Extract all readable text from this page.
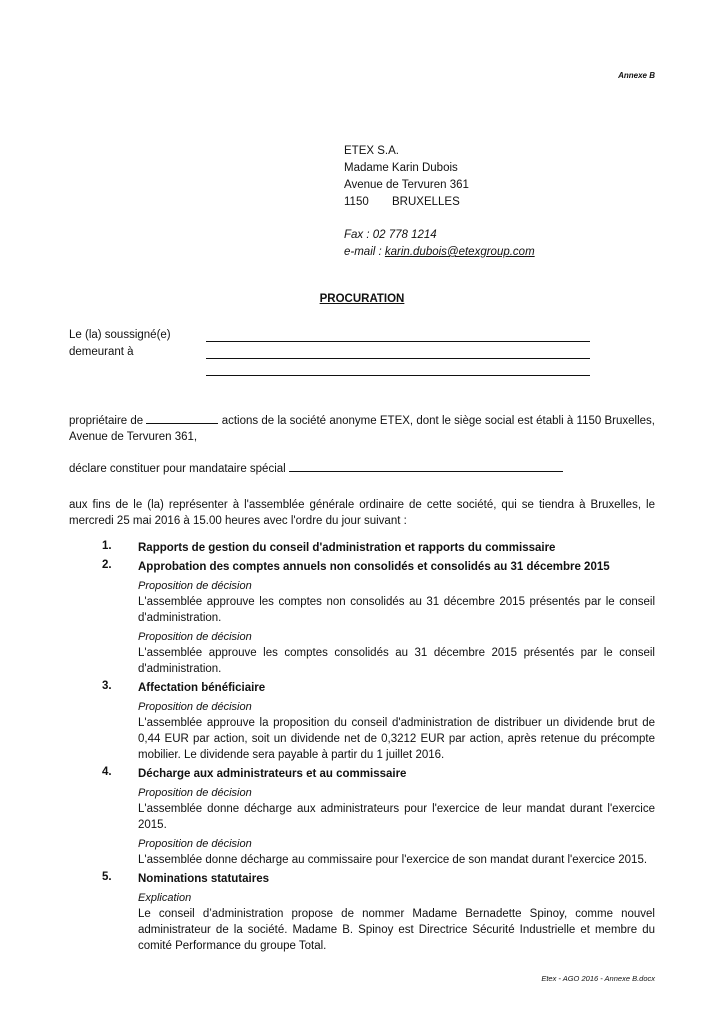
Annexe B
ETEX S.A.
Madame Karin Dubois
Avenue de Tervuren 361
1150 BRUXELLES
Fax : 02 778 1214
e-mail : karin.dubois@etexgroup.com
PROCURATION
Le (la) soussigné(e)
demeurant à
propriétaire de	actions de la société anonyme ETEX, dont le siège social est établi à 1150 Bruxelles, Avenue de Tervuren 361,
déclare constituer pour mandataire spécial
aux fins de le (la) représenter à l'assemblée générale ordinaire de cette société, qui se tiendra à Bruxelles, le mercredi 25 mai 2016 à 15.00 heures avec l'ordre du jour suivant :
1.	Rapports de gestion du conseil d'administration et rapports du commissaire
2.	Approbation des comptes annuels non consolidés et consolidés au 31 décembre 2015
Proposition de décision
L'assemblée approuve les comptes non consolidés au 31 décembre 2015 présentés par le conseil d'administration.
Proposition de décision
L'assemblée approuve les comptes consolidés au 31 décembre 2015 présentés par le conseil d'administration.
3.	Affectation bénéficiaire
Proposition de décision
L'assemblée approuve la proposition du conseil d'administration de distribuer un dividende brut de 0,44 EUR par action, soit un dividende net de 0,3212 EUR par action, après retenue du précompte mobilier. Le dividende sera payable à partir du 1 juillet 2016.
4.	Décharge aux administrateurs et au commissaire
Proposition de décision
L'assemblée donne décharge aux administrateurs pour l'exercice de leur mandat durant l'exercice 2015.
Proposition de décision
L'assemblée donne décharge au commissaire pour l'exercice de son mandat durant l'exercice 2015.
5.	Nominations statutaires
Explication
Le conseil d’administration propose de nommer Madame Bernadette Spinoy, comme nouvel administrateur de la société. Madame B. Spinoy est Directrice Sécurité Industrielle et membre du comité Performance du groupe Total.
Etex - AGO 2016 - Annexe B.docx
